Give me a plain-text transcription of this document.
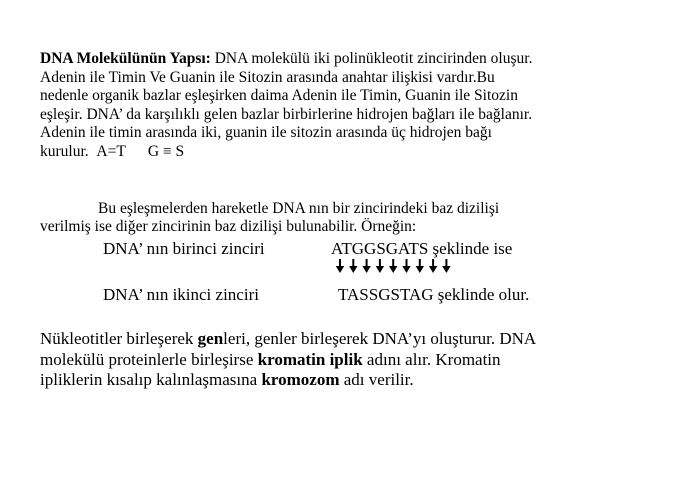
DNA Molekülünün Yapsı: DNA molekülü iki polinükleotit zincirinden oluşur.
Adenin ile Timin Ve Guanin ile Sitozin arasında anahtar ilişkisi vardır.Bu
nedenle organik bazlar eşleşirken daima Adenin ile Timin, Guanin ile Sitozin
eşleşir. DNA’ da karşılıklı gelen bazlar birbirlerine hidrojen bağları ile bağlanır.
Adenin ile timin arasında iki, guanin ile sitozin arasında üç hidrojen bağı
kurulur. A=T G ≡ S
Bu eşleşmelerden hareketle DNA nın bir zincirindeki baz dizilişi
verilmiş ise diğer zincirinin baz dizilişi bulunabilir. Örneğin:
DNA’ nın birinci zinciri	ATGGSGATS şeklinde ise
DNA’ nın ikinci zinciri	TASSGSTAG şeklinde olur.
Nükleotitler birleşerek genleri, genler birleşerek DNA’yı oluşturur. DNA
molekülü proteinlerle birleşirse kromatin iplik adını alır. Kromatin
ipliklerin kısalıp kalınlaşmasına kromozom adı verilir.
